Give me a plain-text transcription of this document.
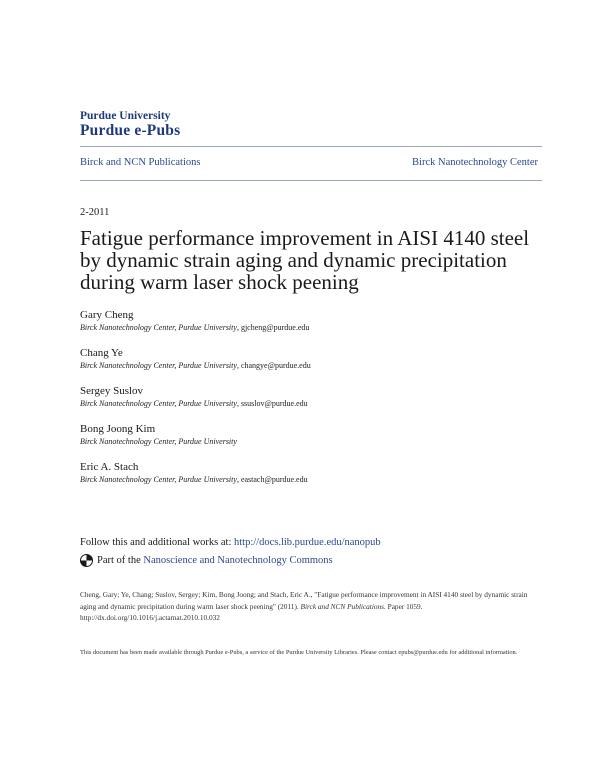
Purdue University
Purdue e-Pubs
Birck and NCN Publications	Birck Nanotechnology Center
2-2011
Fatigue performance improvement in AISI 4140 steel by dynamic strain aging and dynamic precipitation during warm laser shock peening
Gary Cheng
Birck Nanotechnology Center, Purdue University, gjcheng@purdue.edu
Chang Ye
Birck Nanotechnology Center, Purdue University, changye@purdue.edu
Sergey Suslov
Birck Nanotechnology Center, Purdue University, ssuslov@purdue.edu
Bong Joong Kim
Birck Nanotechnology Center, Purdue University
Eric A. Stach
Birck Nanotechnology Center, Purdue University, eastach@purdue.edu
Follow this and additional works at: http://docs.lib.purdue.edu/nanopub
Part of the Nanoscience and Nanotechnology Commons
Cheng, Gary; Ye, Chang; Suslov, Sergey; Kim, Bong Joong; and Stach, Eric A., "Fatigue performance improvement in AISI 4140 steel by dynamic strain aging and dynamic precipitation during warm laser shock peening" (2011). Birck and NCN Publications. Paper 1059.
http://dx.doi.org/10.1016/j.actamat.2010.10.032
This document has been made available through Purdue e-Pubs, a service of the Purdue University Libraries. Please contact epubs@purdue.edu for additional information.
